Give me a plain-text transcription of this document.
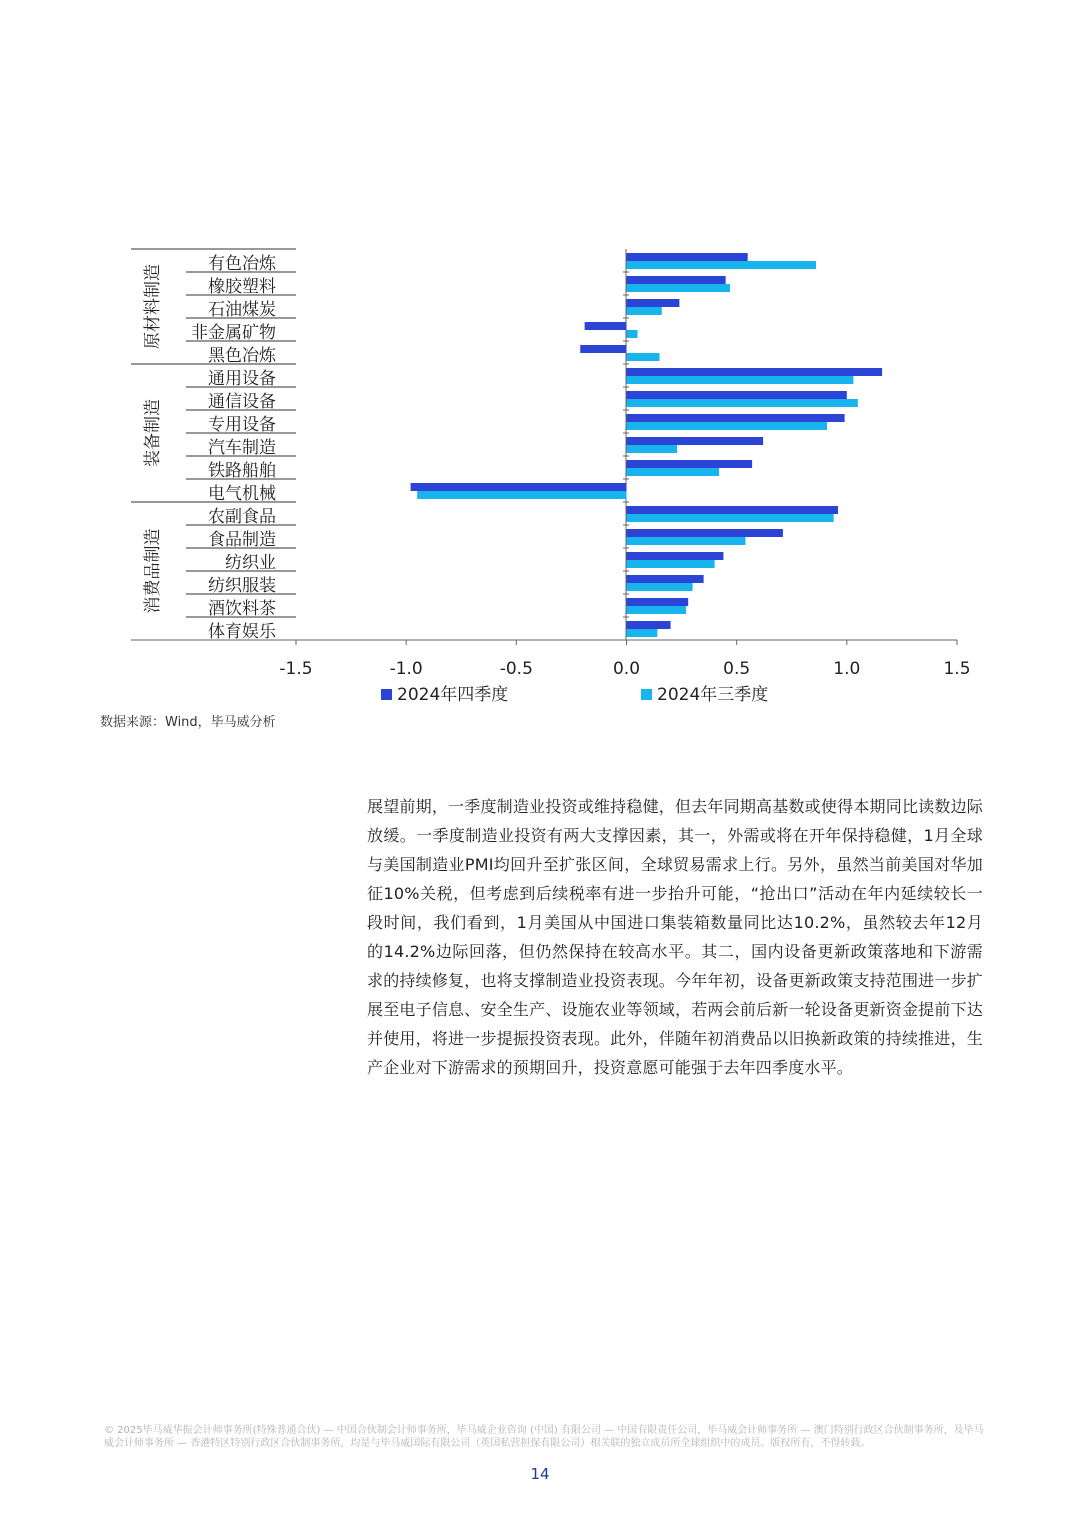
-1.5	-1.0	-0.5	0.0	0.5	1.0	1.5
有色冶炼
橡胶塑料
石油煤炭
非金属矿物
黑色冶炼
原材料制造
通用设备
通信设备
专用设备
汽车制造
铁路船舶
电气机械
装备制造
农副食品
食品制造
纺织业
纺织服装
酒饮料茶
体育娱乐
消费品制造
2024年四季度	2024年三季度
数据来源：Wind，毕马威分析

展望前期，一季度制造业投资或维持稳健，但去年同期高基数或使得本期同比读数边际放缓。一季度制造业投资有两大支撑因素，其一，外需或将在开年保持稳健，1月全球与美国制造业PMI均回升至扩张区间，全球贸易需求上行。另外，虽然当前美国对华加征10%关税，但考虑到后续税率有进一步抬升可能，“抢出口”活动在年内延续较长一段时间，我们看到，1月美国从中国进口集装箱数量同比达10.2%，虽然较去年12月的14.2%边际回落，但仍然保持在较高水平。其二，国内设备更新政策落地和下游需求的持续修复，也将支撑制造业投资表现。今年年初，设备更新政策支持范围进一步扩展至电子信息、安全生产、设施农业等领域，若两会前后新一轮设备更新资金提前下达并使用，将进一步提振投资表现。此外，伴随年初消费品以旧换新政策的持续推进，生产企业对下游需求的预期回升，投资意愿可能强于去年四季度水平。

© 2025毕马威华振会计师事务所(特殊普通合伙) — 中国合伙制会计师事务所，毕马威企业咨询 (中国) 有限公司 — 中国有限责任公司，毕马威会计师事务所 — 澳门特别行政区合伙制事务所，及毕马威会计师事务所 — 香港特区特别行政区合伙制事务所，均是与毕马威国际有限公司（英国私营担保有限公司）相关联的独立成员所全球组织中的成员。版权所有，不得转载。
14
